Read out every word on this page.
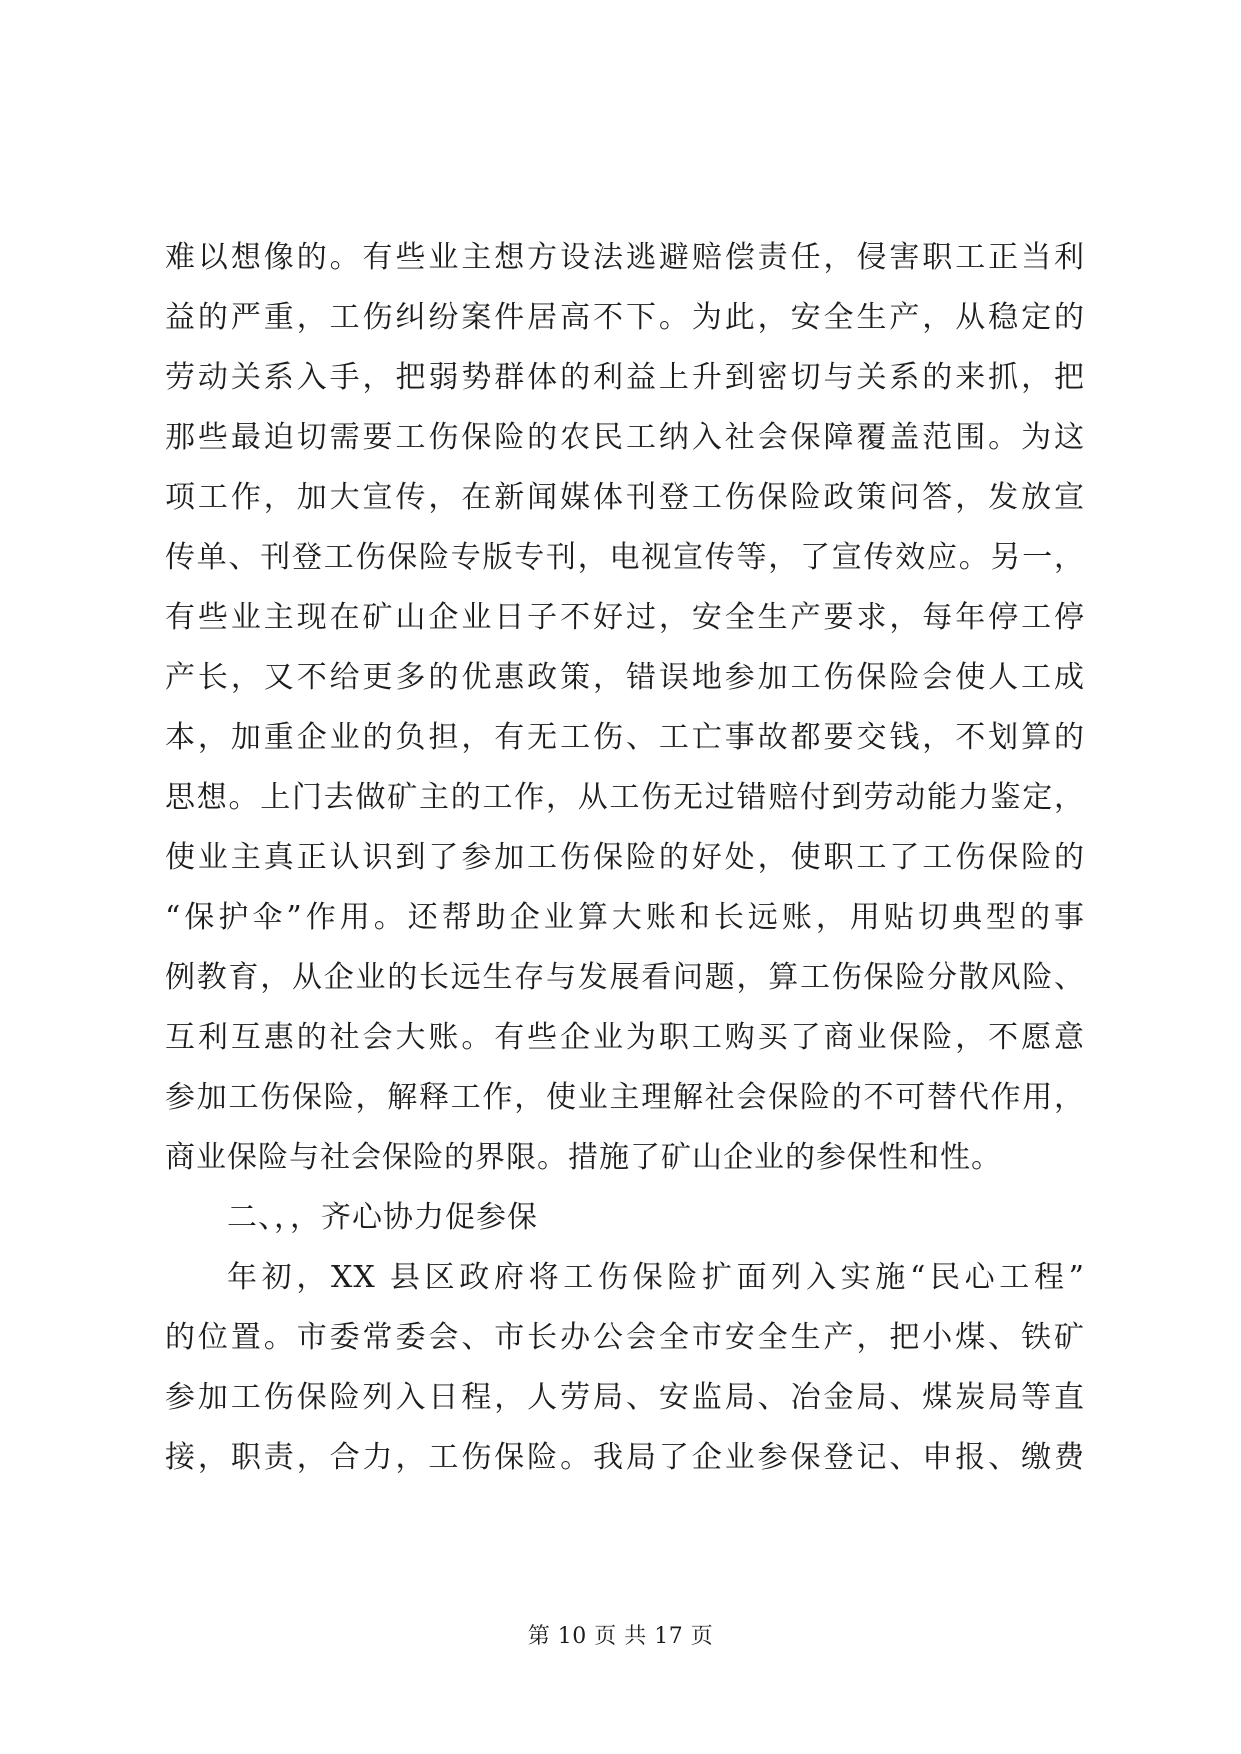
难以想像的。有些业主想方设法逃避赔偿责任，侵害职工正当利
益的严重，工伤纠纷案件居高不下。为此，安全生产，从稳定的
劳动关系入手，把弱势群体的利益上升到密切与关系的来抓，把
那些最迫切需要工伤保险的农民工纳入社会保障覆盖范围。为这
项工作，加大宣传，在新闻媒体刊登工伤保险政策问答，发放宣
传单、刊登工伤保险专版专刊，电视宣传等，了宣传效应。另一，
有些业主现在矿山企业日子不好过，安全生产要求，每年停工停
产长，又不给更多的优惠政策，错误地参加工伤保险会使人工成
本，加重企业的负担，有无工伤、工亡事故都要交钱，不划算的
思想。上门去做矿主的工作，从工伤无过错赔付到劳动能力鉴定，
使业主真正认识到了参加工伤保险的好处，使职工了工伤保险的
“保护伞”作用。还帮助企业算大账和长远账，用贴切典型的事
例教育，从企业的长远生存与发展看问题，算工伤保险分散风险、
互利互惠的社会大账。有些企业为职工购买了商业保险，不愿意
参加工伤保险，解释工作，使业主理解社会保险的不可替代作用，
商业保险与社会保险的界限。措施了矿山企业的参保性和性。
二、，，齐心协力促参保
年初，XX 县区政府将工伤保险扩面列入实施“民心工程”
的位置。市委常委会、市长办公会全市安全生产，把小煤、铁矿
参加工伤保险列入日程，人劳局、安监局、冶金局、煤炭局等直
接，职责，合力，工伤保险。我局了企业参保登记、申报、缴费
第 10 页 共 17 页
